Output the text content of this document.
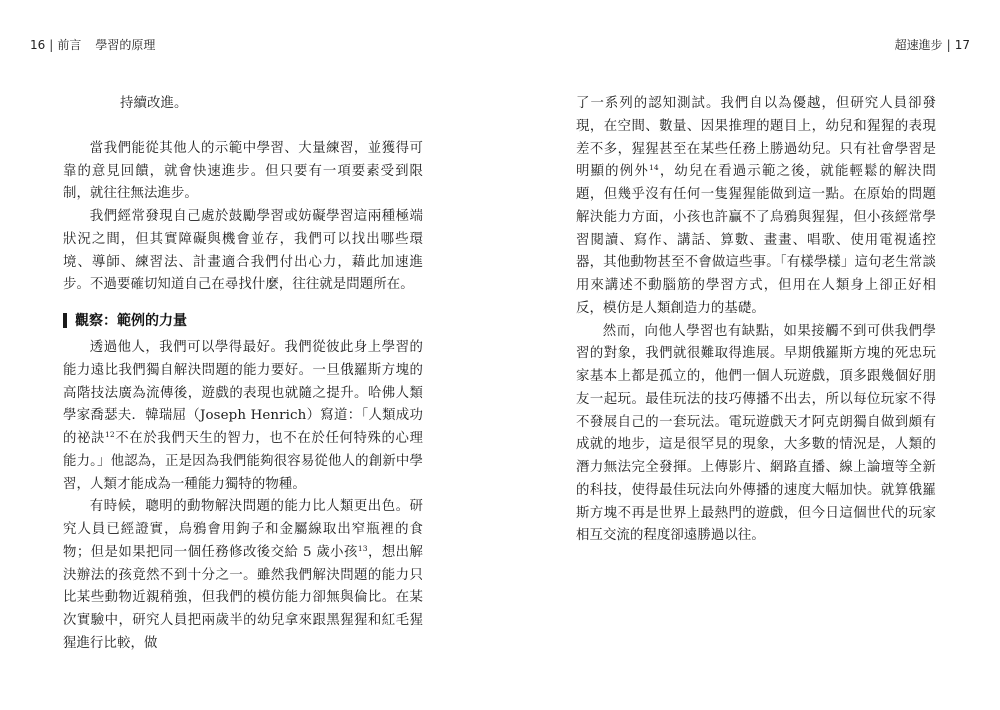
16 | 前言 學習的原理	超速進步 | 17

持續改進。

當我們能從其他人的示範中學習、大量練習，並獲得可靠的意見回饋，就會快速進步。但只要有一項要素受到限制，就往往無法進步。

我們經常發現自己處於鼓勵學習或妨礙學習這兩種極端狀況之間，但其實障礙與機會並存，我們可以找出哪些環境、導師、練習法、計畫適合我們付出心力，藉此加速進步。不過要確切知道自己在尋找什麼，往往就是問題所在。

觀察：範例的力量

透過他人，我們可以學得最好。我們從彼此身上學習的能力遠比我們獨自解決問題的能力要好。一旦俄羅斯方塊的高階技法廣為流傳後，遊戲的表現也就隨之提升。哈佛人類學家喬瑟夫．韓瑞屈（Joseph Henrich）寫道：「人類成功的祕訣$^{12}$不在於我們天生的智力，也不在於任何特殊的心理能力。」他認為，正是因為我們能夠很容易從他人的創新中學習，人類才能成為一種能力獨特的物種。

有時候，聰明的動物解決問題的能力比人類更出色。研究人員已經證實，烏鴉會用鉤子和金屬線取出窄瓶裡的食物；但是如果把同一個任務修改後交給 5 歲小孩$^{13}$，想出解決辦法的孩竟然不到十分之一。雖然我們解決問題的能力只比某些動物近親稍強，但我們的模仿能力卻無與倫比。在某次實驗中，研究人員把兩歲半的幼兒拿來跟黑猩猩和紅毛猩猩進行比較，做

了一系列的認知測試。我們自以為優越，但研究人員卻發現，在空間、數量、因果推理的題目上，幼兒和猩猩的表現差不多，猩猩甚至在某些任務上勝過幼兒。只有社會學習是明顯的例外$^{14}$，幼兒在看過示範之後，就能輕鬆的解決問題，但幾乎沒有任何一隻猩猩能做到這一點。在原始的問題解決能力方面，小孩也許贏不了烏鴉與猩猩，但小孩經常學習閱讀、寫作、講話、算數、畫畫、唱歌、使用電視遙控器，其他動物甚至不會做這些事。「有樣學樣」這句老生常談用來講述不動腦筋的學習方式，但用在人類身上卻正好相反，模仿是人類創造力的基礎。

然而，向他人學習也有缺點，如果接觸不到可供我們學習的對象，我們就很難取得進展。早期俄羅斯方塊的死忠玩家基本上都是孤立的，他們一個人玩遊戲，頂多跟幾個好朋友一起玩。最佳玩法的技巧傳播不出去，所以每位玩家不得不發展自己的一套玩法。電玩遊戲天才阿克朗獨自做到頗有成就的地步，這是很罕見的現象，大多數的情況是，人類的潛力無法完全發揮。上傳影片、網路直播、線上論壇等全新的科技，使得最佳玩法向外傳播的速度大幅加快。就算俄羅斯方塊不再是世界上最熱門的遊戲，但今日這個世代的玩家相互交流的程度卻遠勝過以往。
